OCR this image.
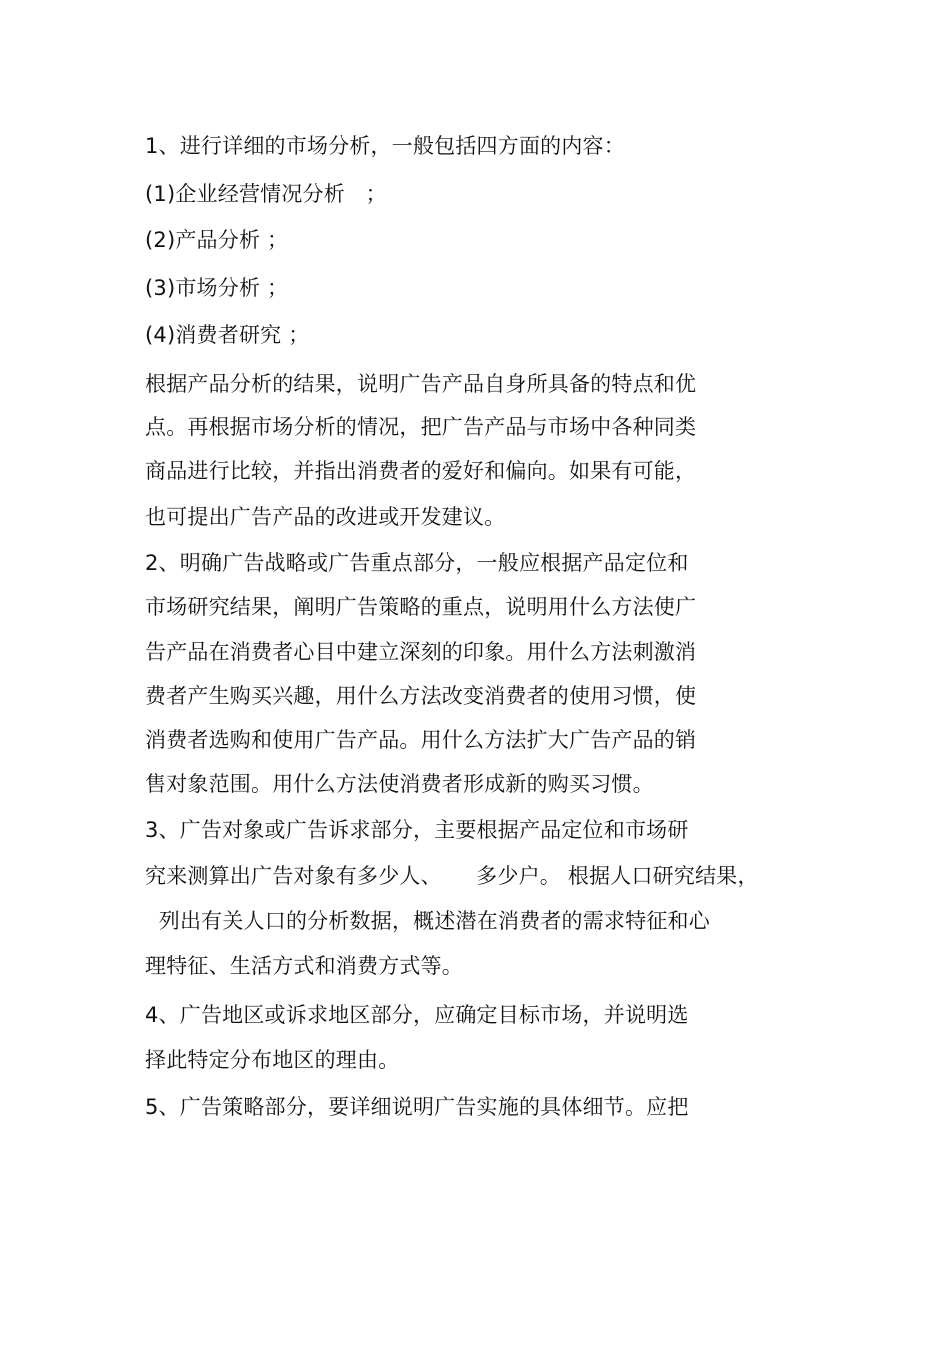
1、进行详细的市场分析，一般包括四方面的内容：
(1)企业经营情况分析   ；
(2)产品分析 ；
(3)市场分析 ；
(4)消费者研究 ；
根据产品分析的结果，说明广告产品自身所具备的特点和优
点。再根据市场分析的情况，把广告产品与市场中各种同类
商品进行比较，并指出消费者的爱好和偏向。如果有可能，
也可提出广告产品的改进或开发建议。
2、明确广告战略或广告重点部分，一般应根据产品定位和
市场研究结果，阐明广告策略的重点，说明用什么方法使广
告产品在消费者心目中建立深刻的印象。用什么方法刺激消
费者产生购买兴趣，用什么方法改变消费者的使用习惯，使
消费者选购和使用广告产品。用什么方法扩大广告产品的销
售对象范围。用什么方法使消费者形成新的购买习惯。
3、广告对象或广告诉求部分，主要根据产品定位和市场研
究来测算出广告对象有多少人、     多少户。 根据人口研究结果，
列出有关人口的分析数据，概述潜在消费者的需求特征和心
理特征、生活方式和消费方式等。
4、广告地区或诉求地区部分，应确定目标市场，并说明选
择此特定分布地区的理由。
5、广告策略部分，要详细说明广告实施的具体细节。应把
